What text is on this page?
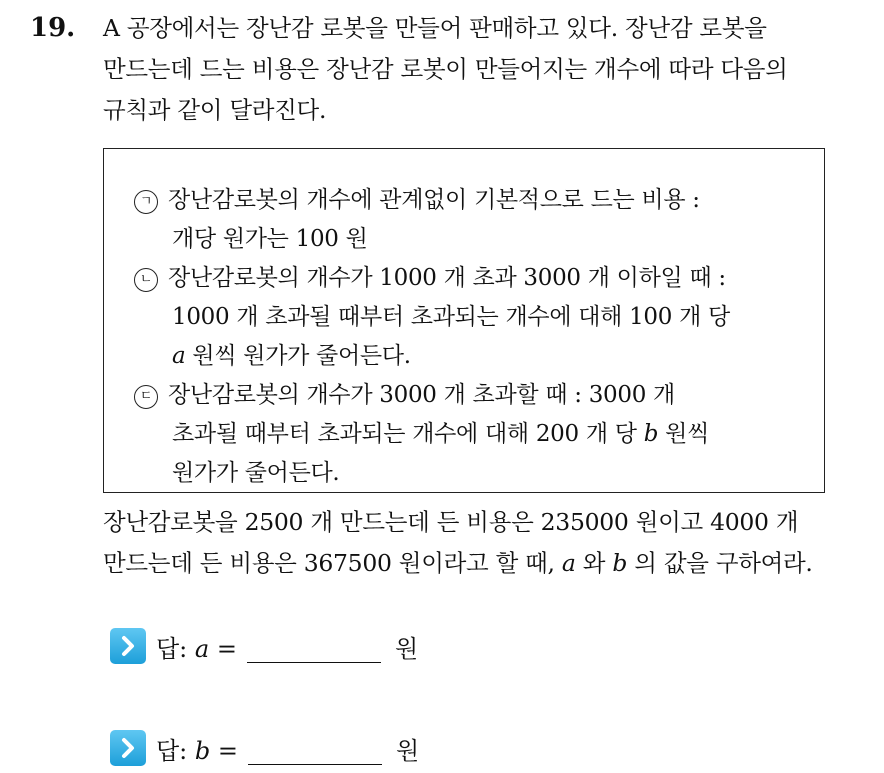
19. A 공장에서는 장난감 로봇을 만들어 판매하고 있다. 장난감 로봇을
만드는데 드는 비용은 장난감 로봇이 만들어지는 개수에 따라 다음의
규칙과 같이 달라진다.
ㄱ 장난감로봇의 개수에 관계없이 기본적으로 드는 비용 :
개당 원가는 100 원
ㄴ 장난감로봇의 개수가 1000 개 초과 3000 개 이하일 때 :
1000 개 초과될 때부터 초과되는 개수에 대해 100 개 당
a 원씩 원가가 줄어든다.
ㄷ 장난감로봇의 개수가 3000 개 초과할 때 : 3000 개
초과될 때부터 초과되는 개수에 대해 200 개 당 b 원씩
원가가 줄어든다.
장난감로봇을 2500 개 만드는데 든 비용은 235000 원이고 4000 개
만드는데 든 비용은 367500 원이라고 할 때, a 와 b 의 값을 구하여라.
답: a =	원
답: b =	원
